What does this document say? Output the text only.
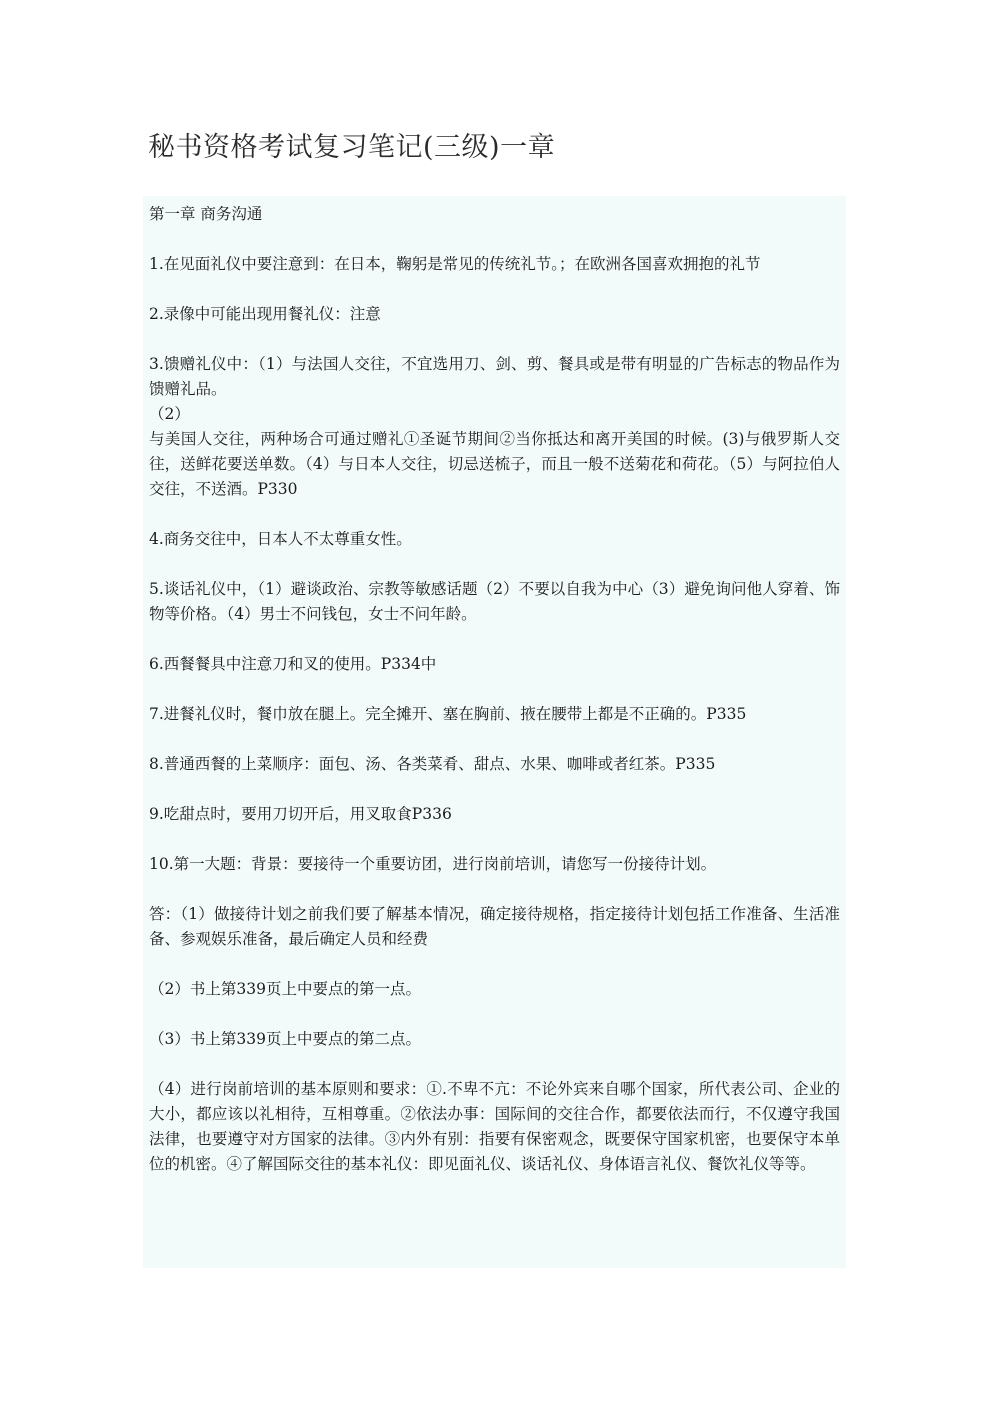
秘书资格考试复习笔记(三级)一章

第一章 商务沟通

1.在见面礼仪中要注意到：在日本，鞠躬是常见的传统礼节。；在欧洲各国喜欢拥抱的礼节

2.录像中可能出现用餐礼仪：注意

3.馈赠礼仪中：（1）与法国人交往，不宜选用刀、剑、剪、餐具或是带有明显的广告标志的物品作为馈赠礼品。
（2）
与美国人交往，两种场合可通过赠礼①圣诞节期间②当你抵达和离开美国的时候。(3)与俄罗斯人交往，送鲜花要送单数。（4）与日本人交往，切忌送梳子，而且一般不送菊花和荷花。（5）与阿拉伯人交往，不送酒。P330

4.商务交往中，日本人不太尊重女性。

5.谈话礼仪中，（1）避谈政治、宗教等敏感话题（2）不要以自我为中心（3）避免询问他人穿着、饰物等价格。（4）男士不问钱包，女士不问年龄。

6.西餐餐具中注意刀和叉的使用。P334中

7.进餐礼仪时，餐巾放在腿上。完全摊开、塞在胸前、掖在腰带上都是不正确的。P335

8.普通西餐的上菜顺序：面包、汤、各类菜肴、甜点、水果、咖啡或者红茶。P335

9.吃甜点时，要用刀切开后，用叉取食P336

10.第一大题：背景：要接待一个重要访团，进行岗前培训，请您写一份接待计划。

答：（1）做接待计划之前我们要了解基本情况，确定接待规格，指定接待计划包括工作准备、生活准备、参观娱乐准备，最后确定人员和经费

（2）书上第339页上中要点的第一点。

（3）书上第339页上中要点的第二点。

（4）进行岗前培训的基本原则和要求：①.不卑不亢：不论外宾来自哪个国家，所代表公司、企业的大小，都应该以礼相待，互相尊重。②依法办事：国际间的交往合作，都要依法而行，不仅遵守我国法律，也要遵守对方国家的法律。③内外有别：指要有保密观念，既要保守国家机密，也要保守本单位的机密。④了解国际交往的基本礼仪：即见面礼仪、谈话礼仪、身体语言礼仪、餐饮礼仪等等。
